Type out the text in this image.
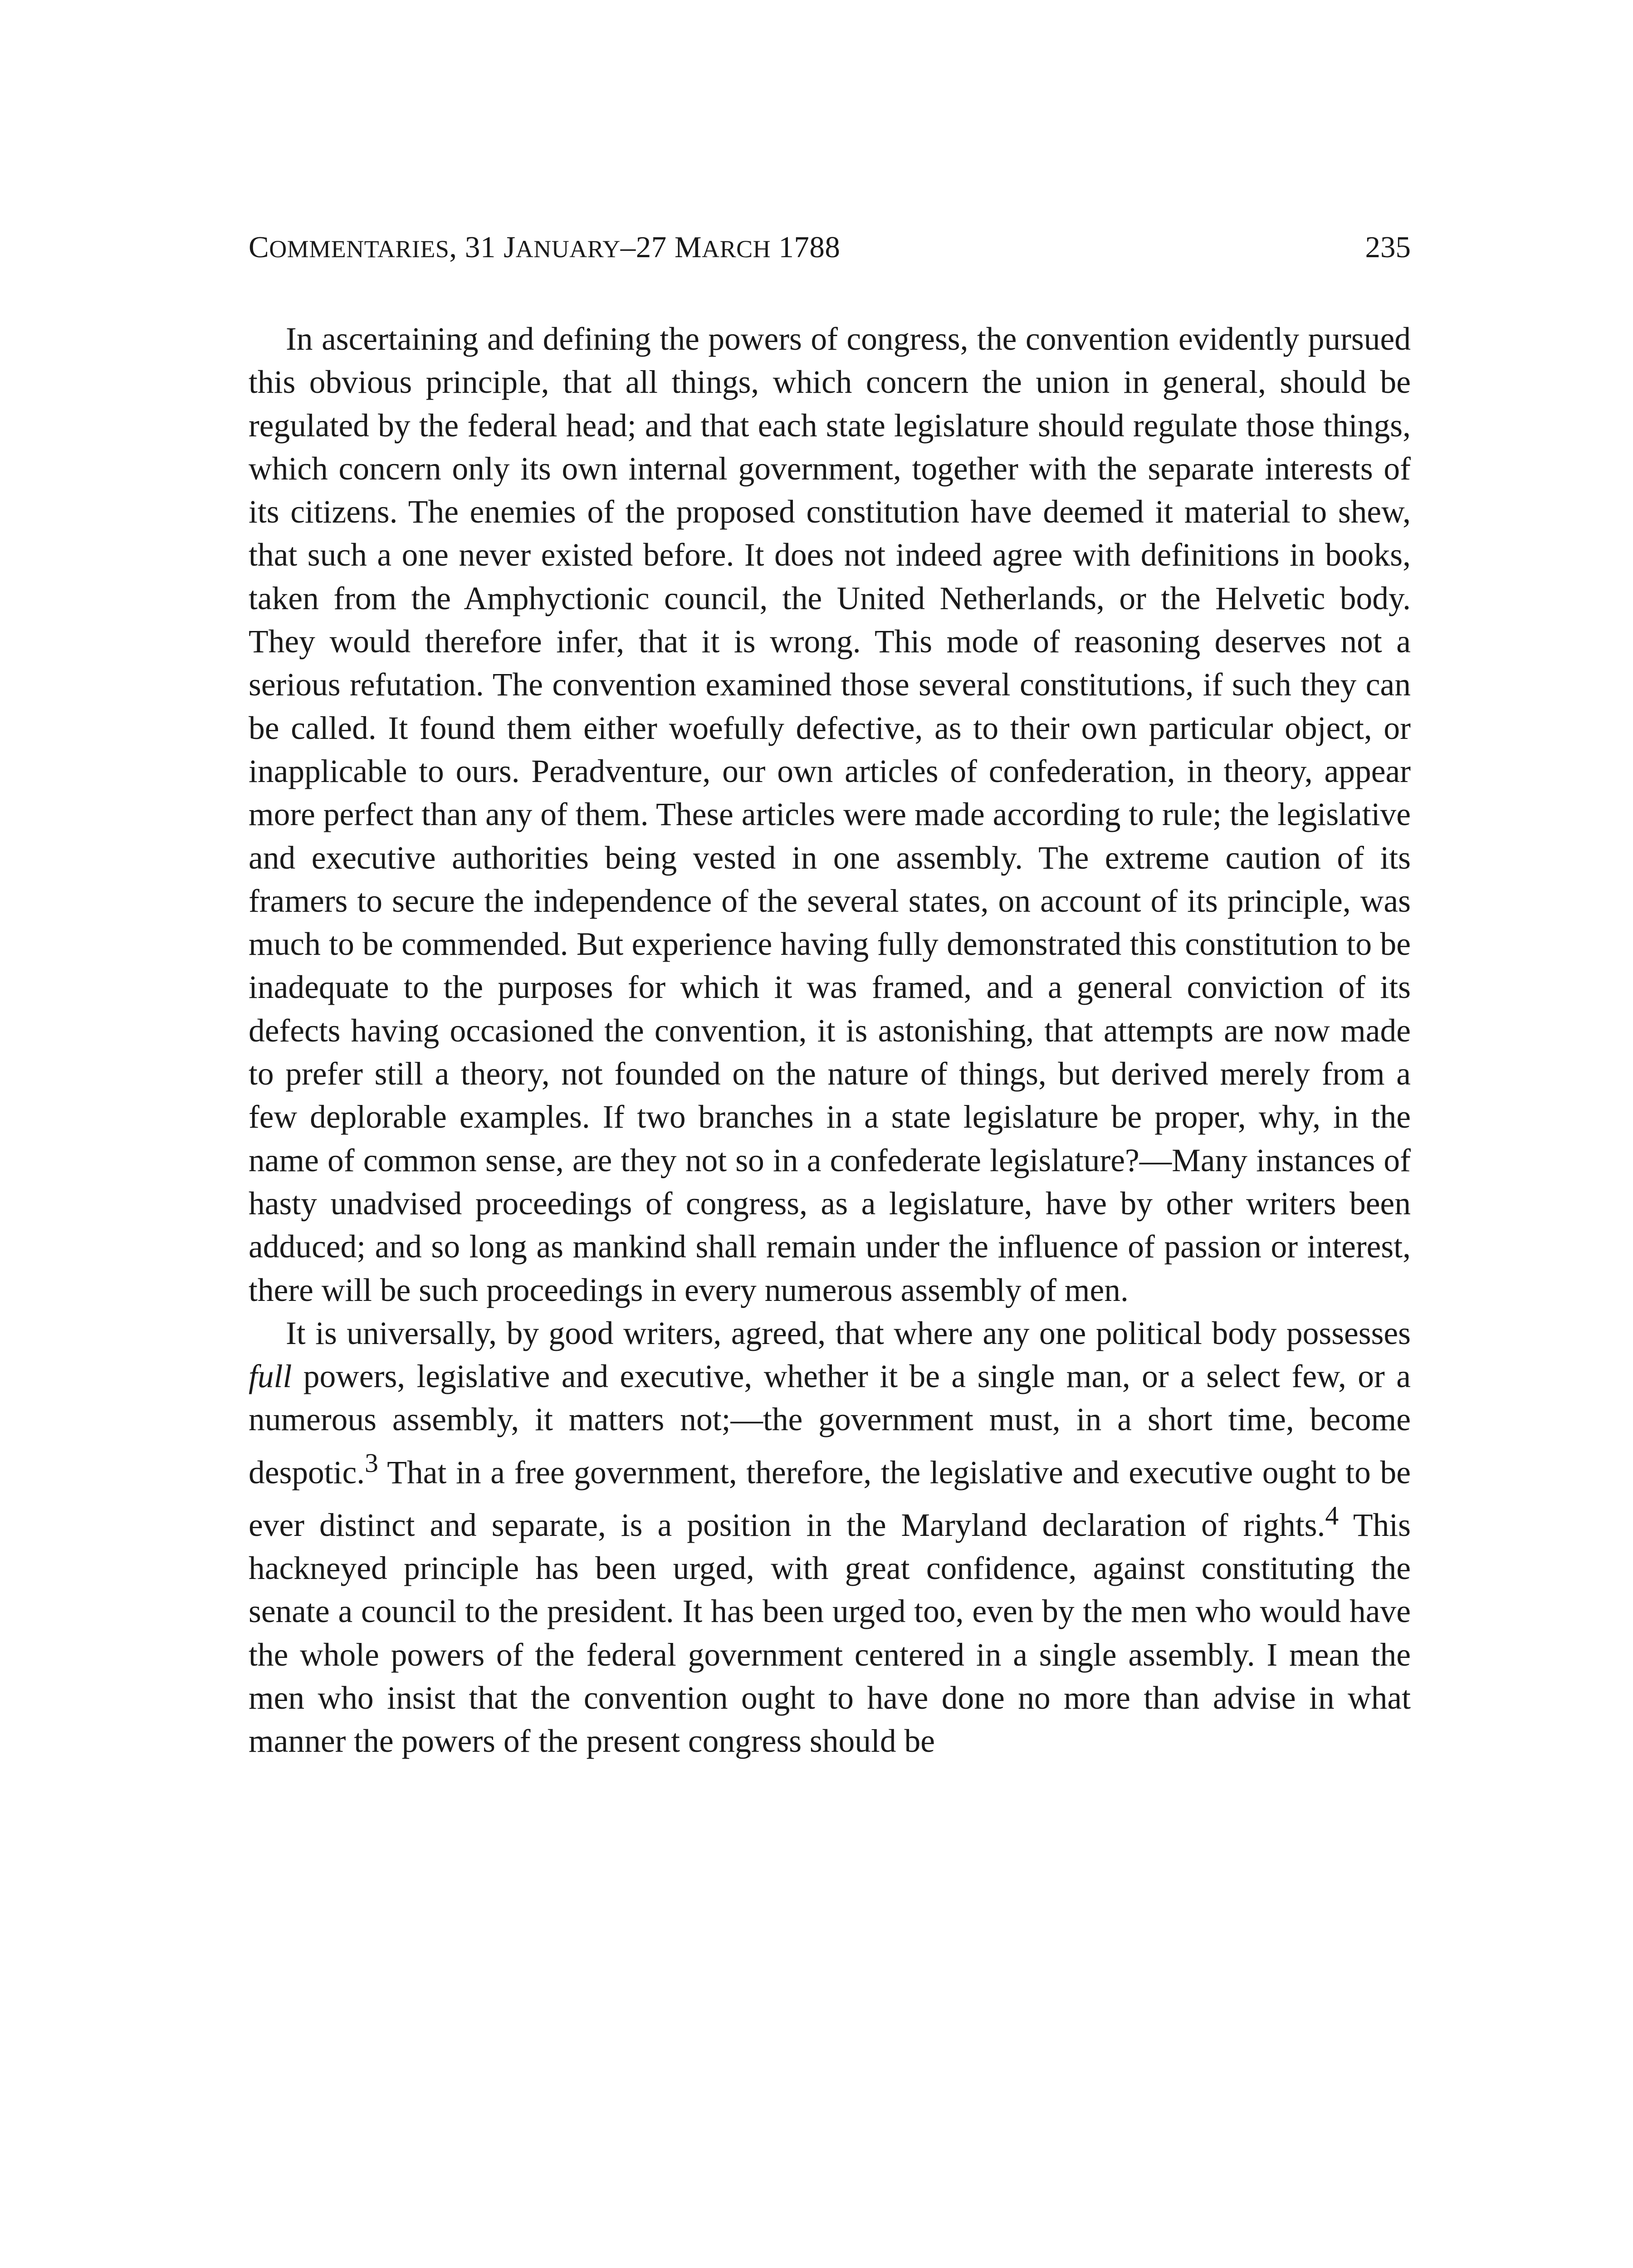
COMMENTARIES, 31 JANUARY–27 MARCH 1788	235

In ascertaining and defining the powers of congress, the convention evidently pursued this obvious principle, that all things, which concern the union in general, should be regulated by the federal head; and that each state legislature should regulate those things, which concern only its own internal government, together with the separate interests of its citizens. The enemies of the proposed constitution have deemed it material to shew, that such a one never existed before. It does not indeed agree with definitions in books, taken from the Amphyctionic council, the United Netherlands, or the Helvetic body. They would therefore infer, that it is wrong. This mode of reasoning deserves not a serious refutation. The convention examined those several constitutions, if such they can be called. It found them either woefully defective, as to their own particular object, or inapplicable to ours. Peradventure, our own articles of confederation, in theory, appear more perfect than any of them. These articles were made according to rule; the legislative and executive authorities being vested in one assembly. The extreme caution of its framers to secure the independence of the several states, on account of its principle, was much to be commended. But experience having fully demonstrated this constitution to be inadequate to the purposes for which it was framed, and a general conviction of its defects having occasioned the convention, it is astonishing, that attempts are now made to prefer still a theory, not founded on the nature of things, but derived merely from a few deplorable examples. If two branches in a state legislature be proper, why, in the name of common sense, are they not so in a confederate legislature?—Many instances of hasty unadvised proceedings of congress, as a legislature, have by other writers been adduced; and so long as mankind shall remain under the influence of passion or interest, there will be such proceedings in every numerous assembly of men.

It is universally, by good writers, agreed, that where any one political body possesses full powers, legislative and executive, whether it be a single man, or a select few, or a numerous assembly, it matters not;—the government must, in a short time, become despotic.$^3$ That in a free government, therefore, the legislative and executive ought to be ever distinct and separate, is a position in the Maryland declaration of rights.$^4$ This hackneyed principle has been urged, with great confidence, against constituting the senate a council to the president. It has been urged too, even by the men who would have the whole powers of the federal government centered in a single assembly. I mean the men who insist that the convention ought to have done no more than advise in what manner the powers of the present congress should be
